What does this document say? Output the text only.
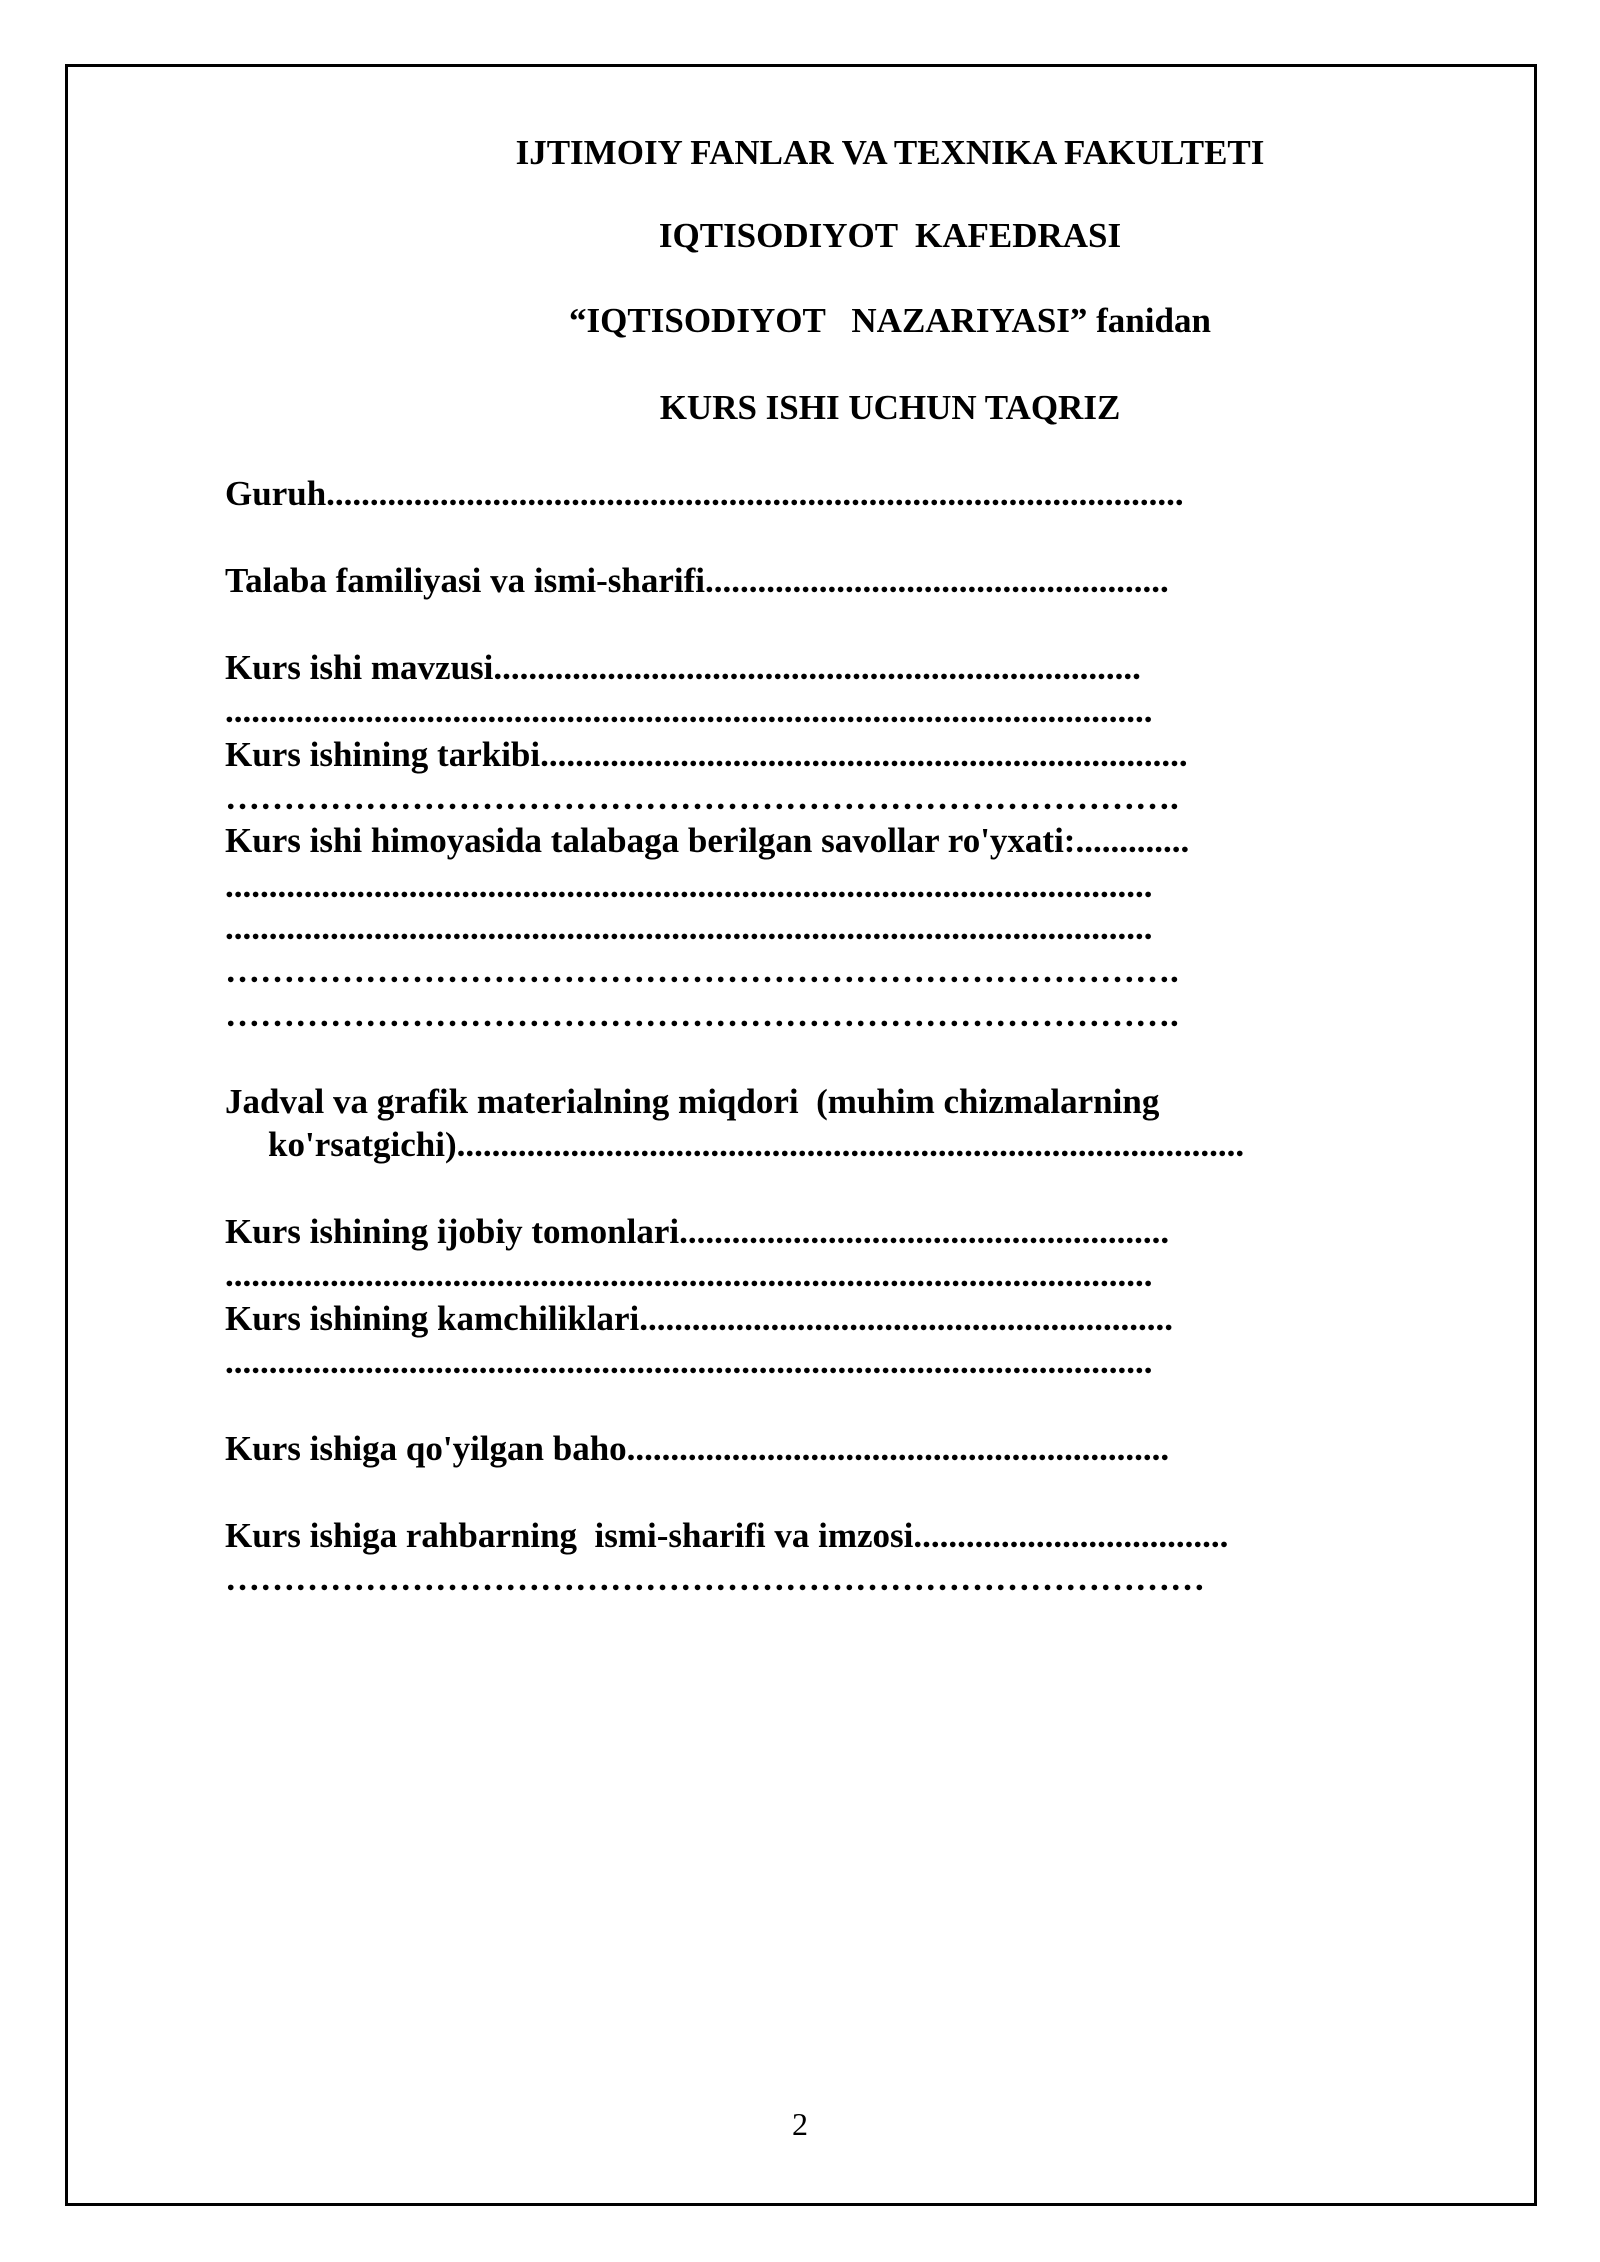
IJTIMOIY FANLAR VA TEXNIKA FAKULTETI
IQTISODIYOT  KAFEDRASI
“IQTISODIYOT   NAZARIYASI” fanidan
KURS ISHI UCHUN TAQRIZ
Guruh..................................................................................................
Talaba familiyasi va ismi-sharifi.....................................................
Kurs ishi mavzusi..........................................................................
..........................................................................................................
Kurs ishining tarkibi..........................................................................
……………………………………………………………………….
Kurs ishi himoyasida talabaga berilgan savollar ro'yxati:.............
..........................................................................................................
..........................................................................................................
……………………………………………………………………….
……………………………………………………………………….
Jadval va grafik materialning miqdori  (muhim chizmalarning
ko'rsatgichi)..........................................................................................
Kurs ishining ijobiy tomonlari........................................................
..........................................................................................................
Kurs ishining kamchiliklari.............................................................
..........................................................................................................
Kurs ishiga qo'yilgan baho..............................................................
Kurs ishiga rahbarning  ismi-sharifi va imzosi....................................
…………………………………………………………………………
2
